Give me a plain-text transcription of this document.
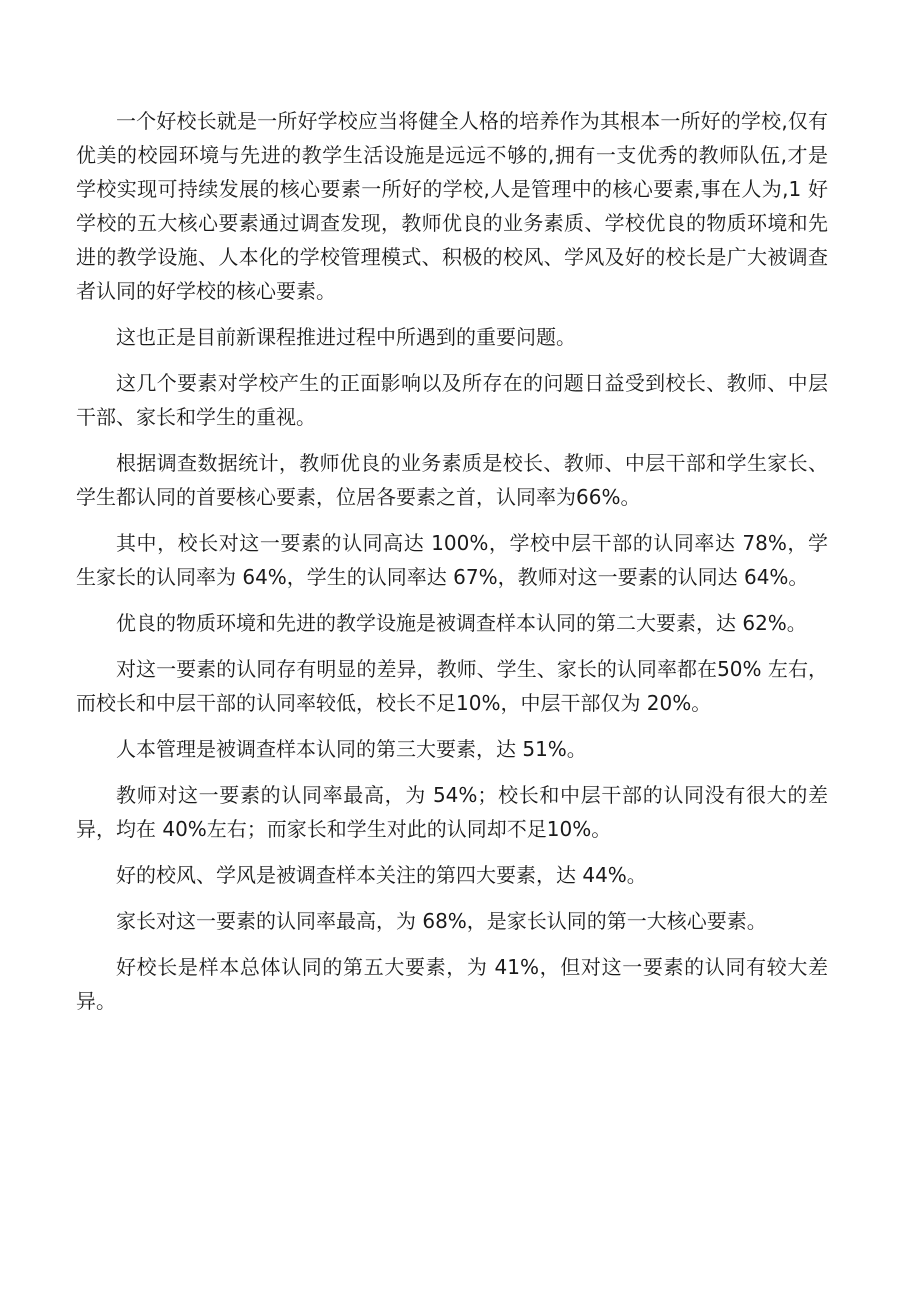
一个好校长就是一所好学校应当将健全人格的培养作为其根本一所好的学校,仅有优美的校园环境与先进的教学生活设施是远远不够的,拥有一支优秀的教师队伍,才是学校实现可持续发展的核心要素一所好的学校,人是管理中的核心要素,事在人为,1 好学校的五大核心要素通过调查发现，教师优良的业务素质、学校优良的物质环境和先进的教学设施、人本化的学校管理模式、积极的校风、学风及好的校长是广大被调查者认同的好学校的核心要素。

这也正是目前新课程推进过程中所遇到的重要问题。

这几个要素对学校产生的正面影响以及所存在的问题日益受到校长、教师、中层干部、家长和学生的重视。

根据调查数据统计，教师优良的业务素质是校长、教师、中层干部和学生家长、学生都认同的首要核心要素，位居各要素之首，认同率为66%。

其中，校长对这一要素的认同高达 100%，学校中层干部的认同率达 78%，学生家长的认同率为 64%，学生的认同率达 67%，教师对这一要素的认同达 64%。

优良的物质环境和先进的教学设施是被调查样本认同的第二大要素，达 62%。

对这一要素的认同存有明显的差异，教师、学生、家长的认同率都在50% 左右，而校长和中层干部的认同率较低，校长不足10%，中层干部仅为 20%。

人本管理是被调查样本认同的第三大要素，达 51%。

教师对这一要素的认同率最高，为 54%；校长和中层干部的认同没有很大的差异，均在 40%左右；而家长和学生对此的认同却不足10%。

好的校风、学风是被调查样本关注的第四大要素，达 44%。

家长对这一要素的认同率最高，为 68%，是家长认同的第一大核心要素。

好校长是样本总体认同的第五大要素，为 41%，但对这一要素的认同有较大差异。
